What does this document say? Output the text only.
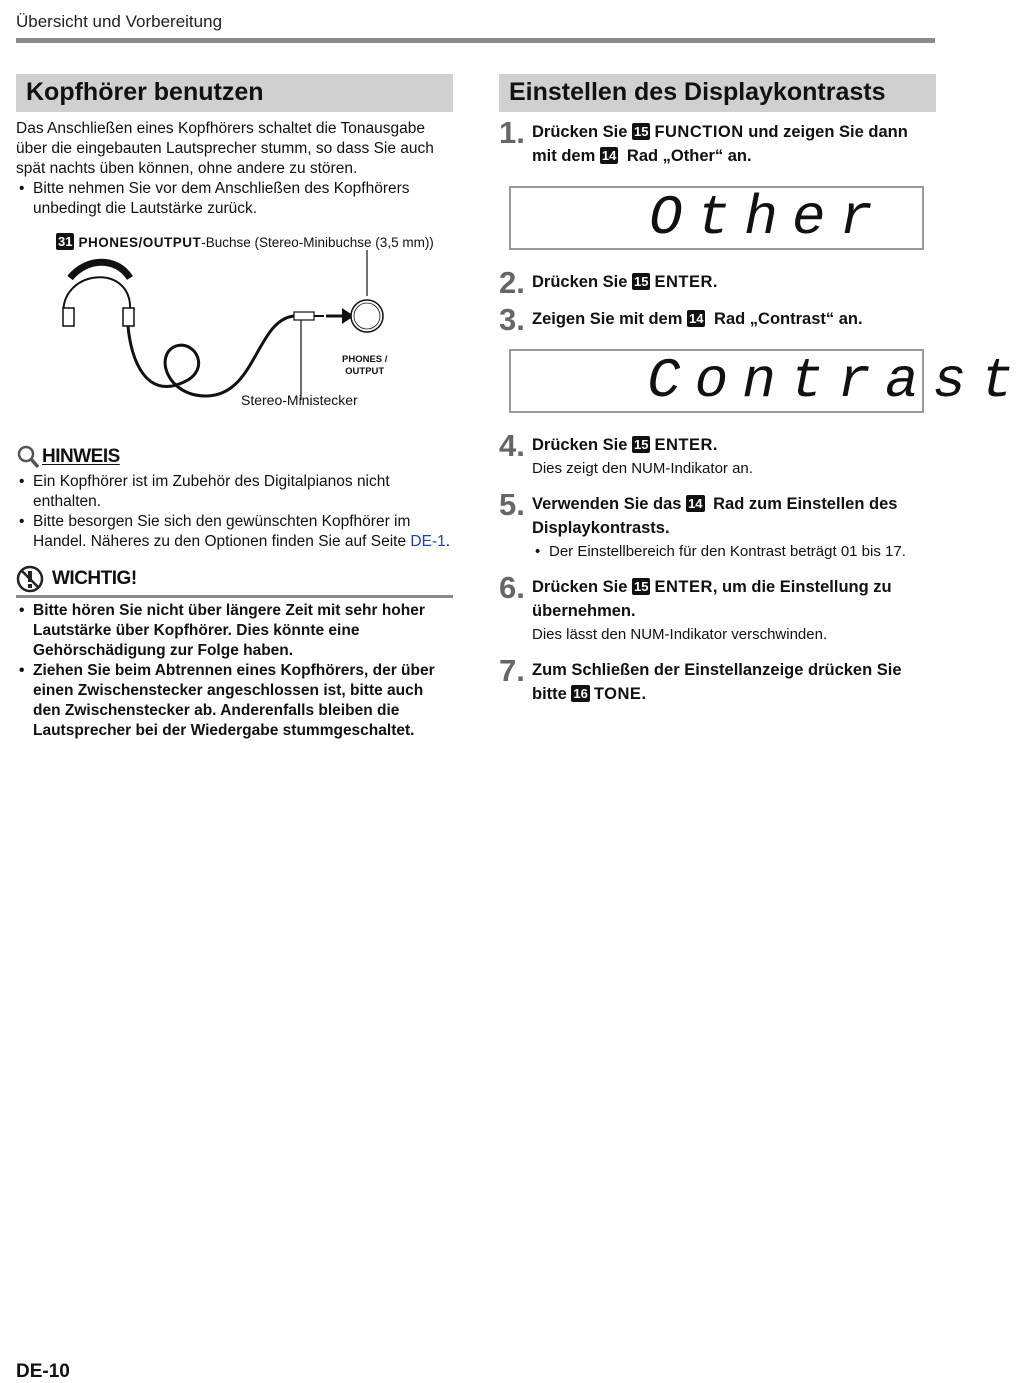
Übersicht und Vorbereitung
Kopfhörer benutzen

Das Anschließen eines Kopfhörers schaltet die Tonausgabe über die eingebauten Lautsprecher stumm, so dass Sie auch spät nachts üben können, ohne andere zu stören.

• Bitte nehmen Sie vor dem Anschließen des Kopfhörers unbedingt die Lautstärke zurück.
31 PHONES/OUTPUT-Buchse (Stereo-Minibuchse (3,5 mm))
PHONES /
OUTPUT
Stereo-Ministecker
HINWEIS
• Ein Kopfhörer ist im Zubehör des Digitalpianos nicht enthalten.
• Bitte besorgen Sie sich den gewünschten Kopfhörer im Handel. Näheres zu den Optionen finden Sie auf Seite DE-1.
WICHTIG!
• Bitte hören Sie nicht über längere Zeit mit sehr hoher Lautstärke über Kopfhörer. Dies könnte eine Gehörschädigung zur Folge haben.
• Ziehen Sie beim Abtrennen eines Kopfhörers, der über einen Zwischenstecker angeschlossen ist, bitte auch den Zwischenstecker ab. Anderenfalls bleiben die Lautsprecher bei der Wiedergabe stummgeschaltet.
Einstellen des Displaykontrasts
1. Drücken Sie 15 FUNCTION und zeigen Sie dann mit dem 14 Rad „Other“ an.
Other
2. Drücken Sie 15 ENTER.
3. Zeigen Sie mit dem 14 Rad „Contrast“ an.
Contrast
4. Drücken Sie 15 ENTER.
Dies zeigt den NUM-Indikator an.
5. Verwenden Sie das 14 Rad zum Einstellen des Displaykontrasts.
• Der Einstellbereich für den Kontrast beträgt 01 bis 17.
6. Drücken Sie 15 ENTER, um die Einstellung zu übernehmen.
Dies lässt den NUM-Indikator verschwinden.
7. Zum Schließen der Einstellanzeige drücken Sie bitte 16 TONE.
DE-10
